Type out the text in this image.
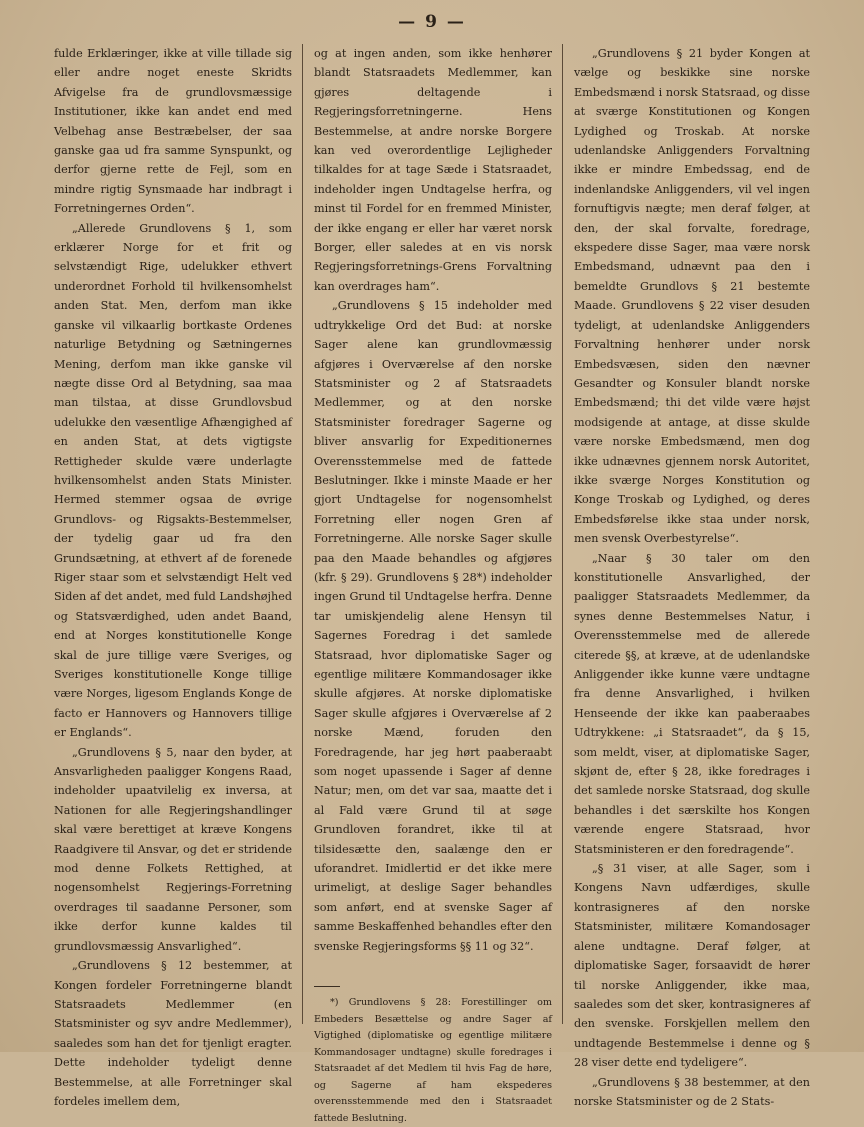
— 9 —

fulde Erklæringer, ikke at ville tillade sig eller andre noget eneste Skridts Afvigelse fra de grundlovsmæssige Institutioner, ikke kan andet end med Velbehag anse Bestræbelser, der saa ganske gaa ud fra samme Synspunkt, og derfor gjerne rette de Fejl, som en mindre rigtig Synsmaade har indbragt i Forretningernes Orden“.

„Allerede Grundlovens § 1, som erklærer Norge for et frit og selvstændigt Rige, udelukker ethvert underordnet Forhold til hvilkensomhelst anden Stat. Men, derfom man ikke ganske vil vilkaarlig bortkaste Ordenes naturlige Betydning og Sætningernes Mening, derfom man ikke ganske vil nægte disse Ord al Betydning, saa maa man tilstaa, at disse Grundlovsbud udelukke den væsentlige Afhængighed af en anden Stat, at dets vigtigste Rettigheder skulde være underlagte hvilkensomhelst anden Stats Minister. Hermed stemmer ogsaa de øvrige Grundlovs- og Rigsakts-Bestemmelser, der tydelig gaar ud fra den Grundsætning, at ethvert af de forenede Riger staar som et selvstændigt Helt ved Siden af det andet, med fuld Landshøjhed og Statsværdighed, uden andet Baand, end at Norges konstitutionelle Konge skal de jure tillige være Sveriges, og Sveriges konstitutionelle Konge tillige være Norges, ligesom Englands Konge de facto er Hannovers og Hannovers tillige er Englands“.

„Grundlovens § 5, naar den byder, at Ansvarligheden paaligger Kongens Raad, indeholder upaatvilelig ex inversa, at Nationen for alle Regjeringshandlinger skal være berettiget at kræve Kongens Raadgivere til Ansvar, og det er stridende mod denne Folkets Rettighed, at nogensomhelst Regjerings-Forretning overdrages til saadanne Personer, som ikke derfor kunne kaldes til grundlovsmæssig Ansvarlighed“.

„Grundlovens § 12 bestemmer, at Kongen fordeler Forretningerne blandt Statsraadets Medlemmer (en Statsminister og syv andre Medlemmer), saaledes som han det for tjenligt eragter. Dette indeholder tydeligt denne Bestemmelse, at alle Forretninger skal fordeles imellem dem,

og at ingen anden, som ikke henhører blandt Statsraadets Medlemmer, kan gjøres deltagende i Regjeringsforretningerne. Hens Bestemmelse, at andre norske Borgere kan ved overordentlige Lejligheder tilkaldes for at tage Sæde i Statsraadet, indeholder ingen Undtagelse herfra, og minst til Fordel for en fremmed Minister, der ikke engang er eller har været norsk Borger, eller saledes at en vis norsk Regjeringsforretnings-Grens Forvaltning kan overdrages ham“.

„Grundlovens § 15 indeholder med udtrykkelige Ord det Bud: at norske Sager alene kan grundlovmæssig afgjøres i Overværelse af den norske Statsminister og 2 af Statsraadets Medlemmer, og at den norske Statsminister foredrager Sagerne og bliver ansvarlig for Expeditionernes Overensstemmelse med de fattede Beslutninger. Ikke i minste Maade er her gjort Undtagelse for nogensomhelst Forretning eller nogen Gren af Forretningerne. Alle norske Sager skulle paa den Maade behandles og afgjøres (kfr. § 29). Grundlovens § 28*) indeholder ingen Grund til Undtagelse herfra. Denne tar umiskjendelig alene Hensyn til Sagernes Foredrag i det samlede Statsraad, hvor diplomatiske Sager og egentlige militære Kommandosager ikke skulle afgjøres. At norske diplomatiske Sager skulle afgjøres i Overværelse af 2 norske Mænd, foruden den Foredragende, har jeg hørt paaberaabt som noget upassende i Sager af denne Natur; men, om det var saa, maatte det i al Fald være Grund til at søge Grundloven forandret, ikke til at tilsidesætte den, saalænge den er uforandret. Imidlertid er det ikke mere urimeligt, at deslige Sager behandles som anført, end at svenske Sager af samme Beskaffenhed behandles efter den svenske Regjeringsforms §§ 11 og 32“.

*) Grundlovens § 28: Forestillinger om Embeders Besættelse og andre Sager af Vigtighed (diplomatiske og egentlige militære Kommandosager undtagne) skulle foredrages i Statsraadet af det Medlem til hvis Fag de høre, og Sagerne af ham ekspederes overensstemmende med den i Statsraadet fattede Beslutning.

„Grundlovens § 21 byder Kongen at vælge og beskikke sine norske Embedsmænd i norsk Statsraad, og disse at sværge Konstitutionen og Kongen Lydighed og Troskab. At norske udenlandske Anliggenders Forvaltning ikke er mindre Embedssag, end de indenlandske Anliggenders, vil vel ingen fornuftigvis nægte; men deraf følger, at den, der skal forvalte, foredrage, ekspedere disse Sager, maa være norsk Embedsmand, udnævnt paa den i bemeldte Grundlovs § 21 bestemte Maade. Grundlovens § 22 viser desuden tydeligt, at udenlandske Anliggenders Forvaltning henhører under norsk Embedsvæsen, siden den nævner Gesandter og Konsuler blandt norske Embedsmænd; thi det vilde være højst modsigende at antage, at disse skulde være norske Embedsmænd, men dog ikke udnævnes gjennem norsk Autoritet, ikke sværge Norges Konstitution og Konge Troskab og Lydighed, og deres Embedsførelse ikke staa under norsk, men svensk Overbestyrelse“.

„Naar § 30 taler om den konstitutionelle Ansvarlighed, der paaligger Statsraadets Medlemmer, da synes denne Bestemmelses Natur, i Overensstemmelse med de allerede citerede §§, at kræve, at de udenlandske Anliggender ikke kunne være undtagne fra denne Ansvarlighed, i hvilken Henseende der ikke kan paaberaabes Udtrykkene: „i Statsraadet“, da § 15, som meldt, viser, at diplomatiske Sager, skjønt de, efter § 28, ikke foredrages i det samlede norske Statsraad, dog skulle behandles i det særskilte hos Kongen værende engere Statsraad, hvor Statsministeren er den foredragende“.

„§ 31 viser, at alle Sager, som i Kongens Navn udfærdiges, skulle kontrasigneres af den norske Statsminister, militære Komandosager alene undtagne. Deraf følger, at diplomatiske Sager, forsaavidt de hører til norske Anliggender, ikke maa, saaledes som det sker, kontrasigneres af den svenske. Forskjellen mellem den undtagende Bestemmelse i denne og § 28 viser dette end tydeligere“.

„Grundlovens § 38 bestemmer, at den norske Statsminister og de 2 Stats-
